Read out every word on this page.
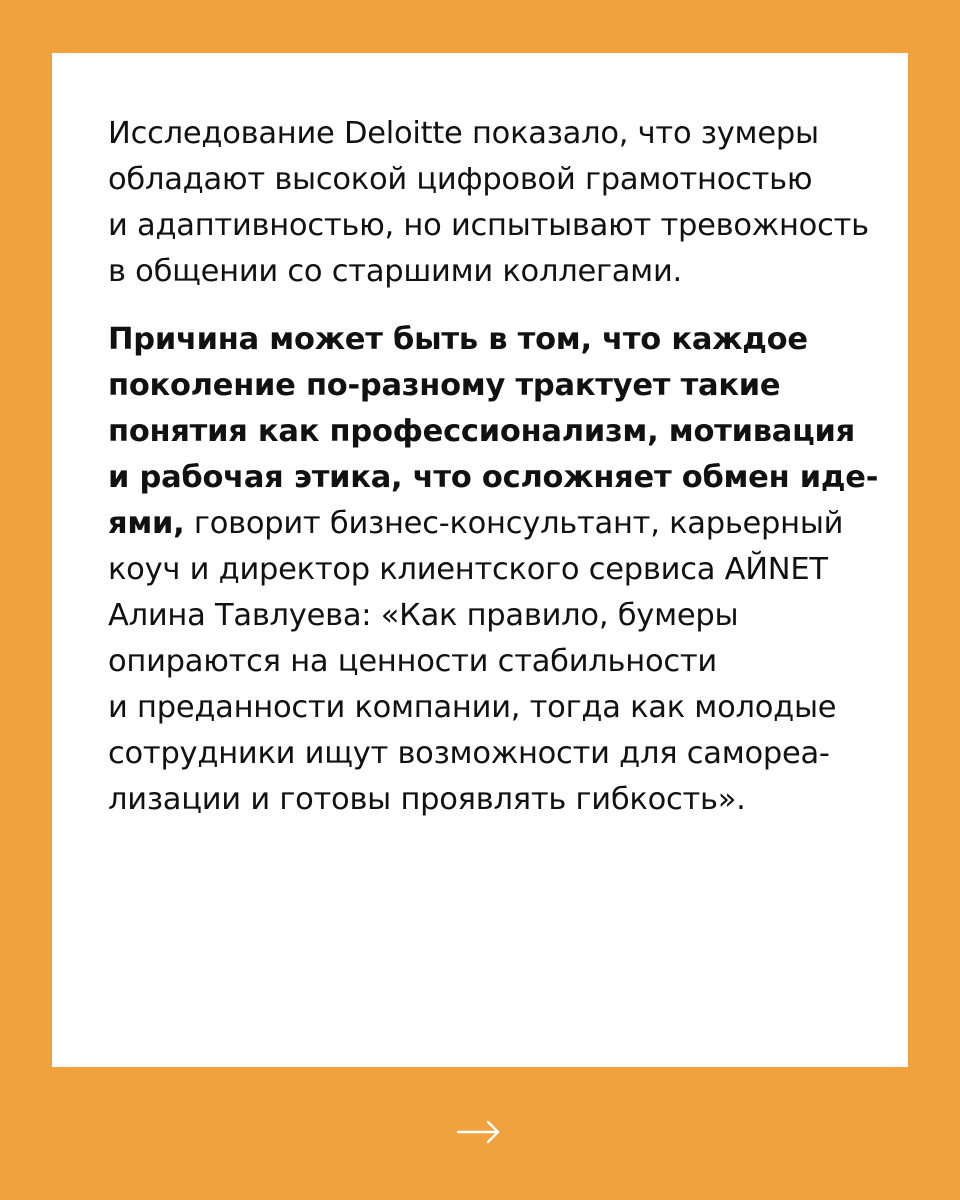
Исследование Deloitte показало, что зумеры
обладают высокой цифровой грамотностью
и адаптивностью, но испытывают тревожность
в общении со старшими коллегами.

Причина может быть в том, что каждое
поколение по-разному трактует такие
понятия как профессионализм, мотивация
и рабочая этика, что осложняет обмен иде-
ями, говорит бизнес-консультант, карьерный
коуч и директор клиентского сервиса АЙNET
Алина Тавлуева: «Как правило, бумеры
опираются на ценности стабильности
и преданности компании, тогда как молодые
сотрудники ищут возможности для самореа-
лизации и готовы проявлять гибкость».
